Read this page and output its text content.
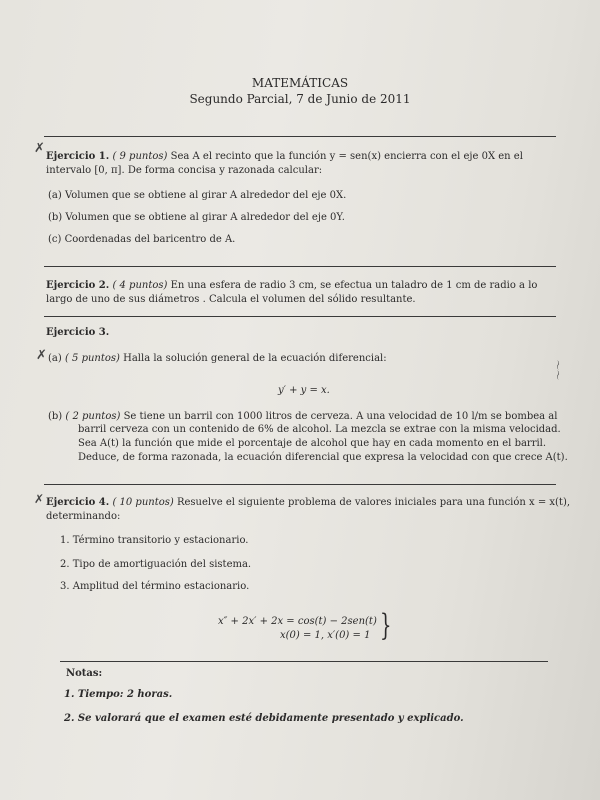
MATEMÁTICAS
Segundo Parcial, 7 de Junio de 2011
✗
Ejercicio 1. ( 9 puntos) Sea A el recinto que la función y = sen(x) encierra con el eje 0X en el
intervalo [0, π]. De forma concisa y razonada calcular:
(a) Volumen que se obtiene al girar A alrededor del eje 0X.
(b) Volumen que se obtiene al girar A alrededor del eje 0Y.
(c) Coordenadas del baricentro de A.
Ejercicio 2. ( 4 puntos) En una esfera de radio 3 cm, se efectua un taladro de 1 cm de radio a lo
largo de uno de sus diámetros . Calcula el volumen del sólido resultante.
Ejercicio 3.
✗ (a) ( 5 puntos) Halla la solución general de la ecuación diferencial:
y′ + y = x.
(b) ( 2 puntos) Se tiene un barril con 1000 litros de cerveza. A una velocidad de 10 l/m se bombea al
barril cerveza con un contenido de 6% de alcohol. La mezcla se extrae con la misma velocidad.
Sea A(t) la función que mide el porcentaje de alcohol que hay en cada momento en el barril.
Deduce, de forma razonada, la ecuación diferencial que expresa la velocidad con que crece A(t).
〜〜
✗ Ejercicio 4. ( 10 puntos) Resuelve el siguiente problema de valores iniciales para una función x = x(t),
determinando:
1. Término transitorio y estacionario.
2. Tipo de amortiguación del sistema.
3. Amplitud del término estacionario.
x″ + 2x′ + 2x = cos(t) − 2sen(t)
x(0) = 1, x′(0) = 1 }
Notas:
1. Tiempo: 2 horas.
2. Se valorará que el examen esté debidamente presentado y explicado.
